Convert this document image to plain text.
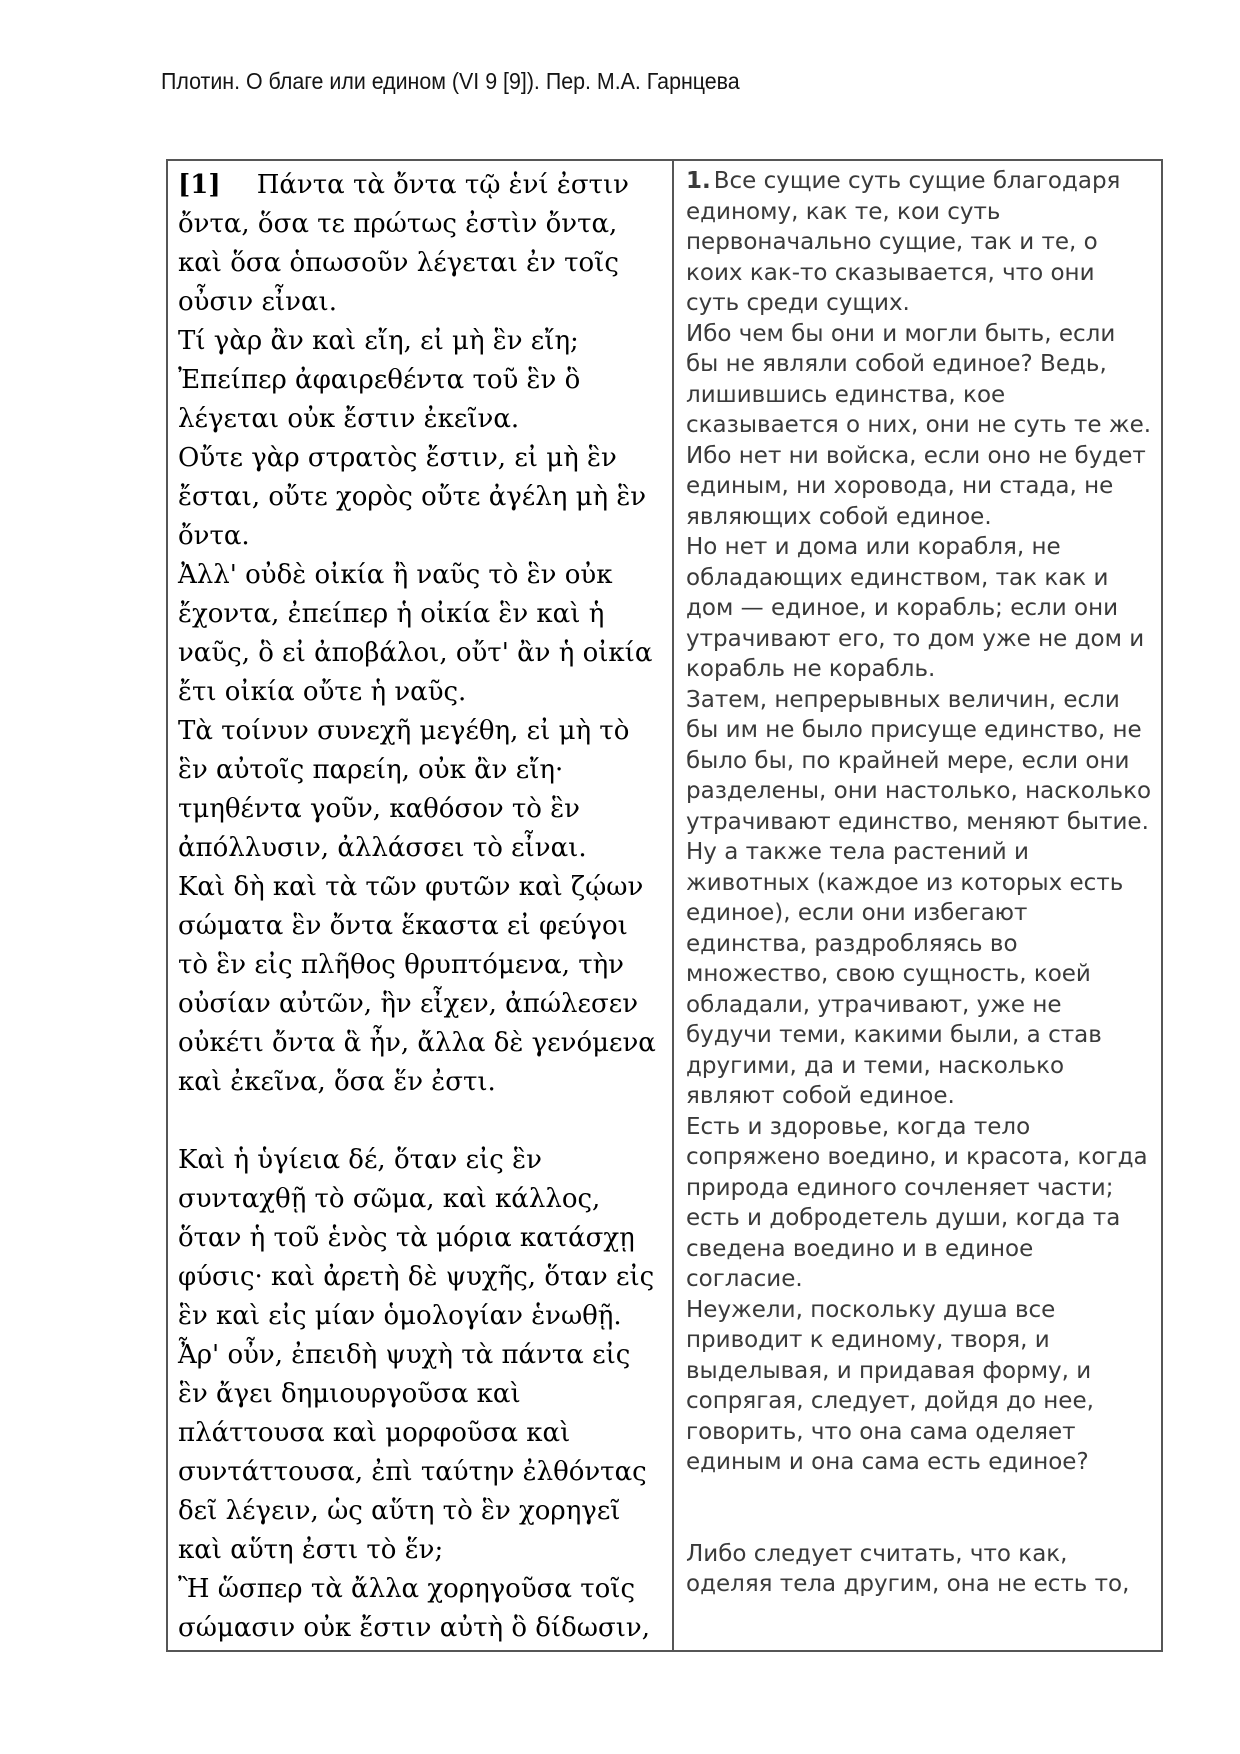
Плотин. О благе или едином (VI 9 [9]). Пер. М.А. Гарнцева

[1] Πάντα τὰ ὄντα τῷ ἑνί ἐστιν ὄντα, ὅσα τε πρώτως ἐστὶν ὄντα, καὶ ὅσα ὁπωσοῦν λέγεται ἐν τοῖς οὖσιν εἶναι.

Τί γὰρ ἂν καὶ εἴη, εἰ μὴ ἓν εἴη;

Ἐπείπερ ἀφαιρεθέντα τοῦ ἓν ὃ λέγεται οὐκ ἔστιν ἐκεῖνα.

Οὔτε γὰρ στρατὸς ἔστιν, εἰ μὴ ἓν ἔσται, οὔτε χορὸς οὔτε ἀγέλη μὴ ἓν ὄντα.

Ἀλλ' οὐδὲ οἰκία ἢ ναῦς τὸ ἓν οὐκ ἔχοντα, ἐπείπερ ἡ οἰκία ἓν καὶ ἡ ναῦς, ὃ εἰ ἀποβάλοι, οὔτ' ἂν ἡ οἰκία ἔτι οἰκία οὔτε ἡ ναῦς.

Τὰ τοίνυν συνεχῆ μεγέθη, εἰ μὴ τὸ ἓν αὐτοῖς παρείη, οὐκ ἂν εἴη· τμηθέντα γοῦν, καθόσον τὸ ἓν ἀπόλλυσιν, ἀλλάσσει τὸ εἶναι.

Καὶ δὴ καὶ τὰ τῶν φυτῶν καὶ ζῴων σώματα ἓν ὄντα ἕκαστα εἰ φεύγοι τὸ ἓν εἰς πλῆθος θρυπτόμενα, τὴν οὐσίαν αὐτῶν, ἣν εἶχεν, ἀπώλεσεν οὐκέτι ὄντα ἃ ἦν, ἄλλα δὲ γενόμενα καὶ ἐκεῖνα, ὅσα ἕν ἐστι.

Καὶ ἡ ὑγίεια δέ, ὅταν εἰς ἓν συνταχθῇ τὸ σῶμα, καὶ κάλλος, ὅταν ἡ τοῦ ἑνὸς τὰ μόρια κατάσχῃ φύσις· καὶ ἀρετὴ δὲ ψυχῆς, ὅταν εἰς ἓν καὶ εἰς μίαν ὁμολογίαν ἑνωθῇ.

Ἆρ' οὖν, ἐπειδὴ ψυχὴ τὰ πάντα εἰς ἓν ἄγει δημιουργοῦσα καὶ πλάττουσα καὶ μορφοῦσα καὶ συντάττουσα, ἐπὶ ταύτην ἐλθόντας δεῖ λέγειν, ὡς αὕτη τὸ ἓν χορηγεῖ καὶ αὕτη ἐστι τὸ ἕν;

Ἢ ὥσπερ τὰ ἄλλα χορηγοῦσα τοῖς σώμασιν οὐκ ἔστιν αὐτὴ ὃ δίδωσιν,

1. Все сущие суть сущие благодаря единому, как те, кои суть первоначально сущие, так и те, о коих как-то сказывается, что они суть среди сущих.

Ибо чем бы они и могли быть, если бы не являли собой единое? Ведь, лишившись единства, кое сказывается о них, они не суть те же.

Ибо нет ни войска, если оно не будет единым, ни хоровода, ни стада, не являющих собой единое.

Но нет и дома или корабля, не обладающих единством, так как и дом — единое, и корабль; если они утрачивают его, то дом уже не дом и корабль не корабль.

Затем, непрерывных величин, если бы им не было присуще единство, не было бы, по крайней мере, если они разделены, они настолько, насколько утрачивают единство, меняют бытие.

Ну а также тела растений и животных (каждое из которых есть единое), если они избегают единства, раздробляясь во множество, свою сущность, коей обладали, утрачивают, уже не будучи теми, какими были, а став другими, да и теми, насколько являют собой единое.

Есть и здоровье, когда тело сопряжено воедино, и красота, когда природа единого сочленяет части; есть и добродетель души, когда та сведена воедино и в единое согласие.

Неужели, поскольку душа все приводит к единому, творя, и выделывая, и придавая форму, и сопрягая, следует, дойдя до нее, говорить, что она сама оделяет единым и она сама есть единое?

Либо следует считать, что как, оделяя тела другим, она не есть то,
